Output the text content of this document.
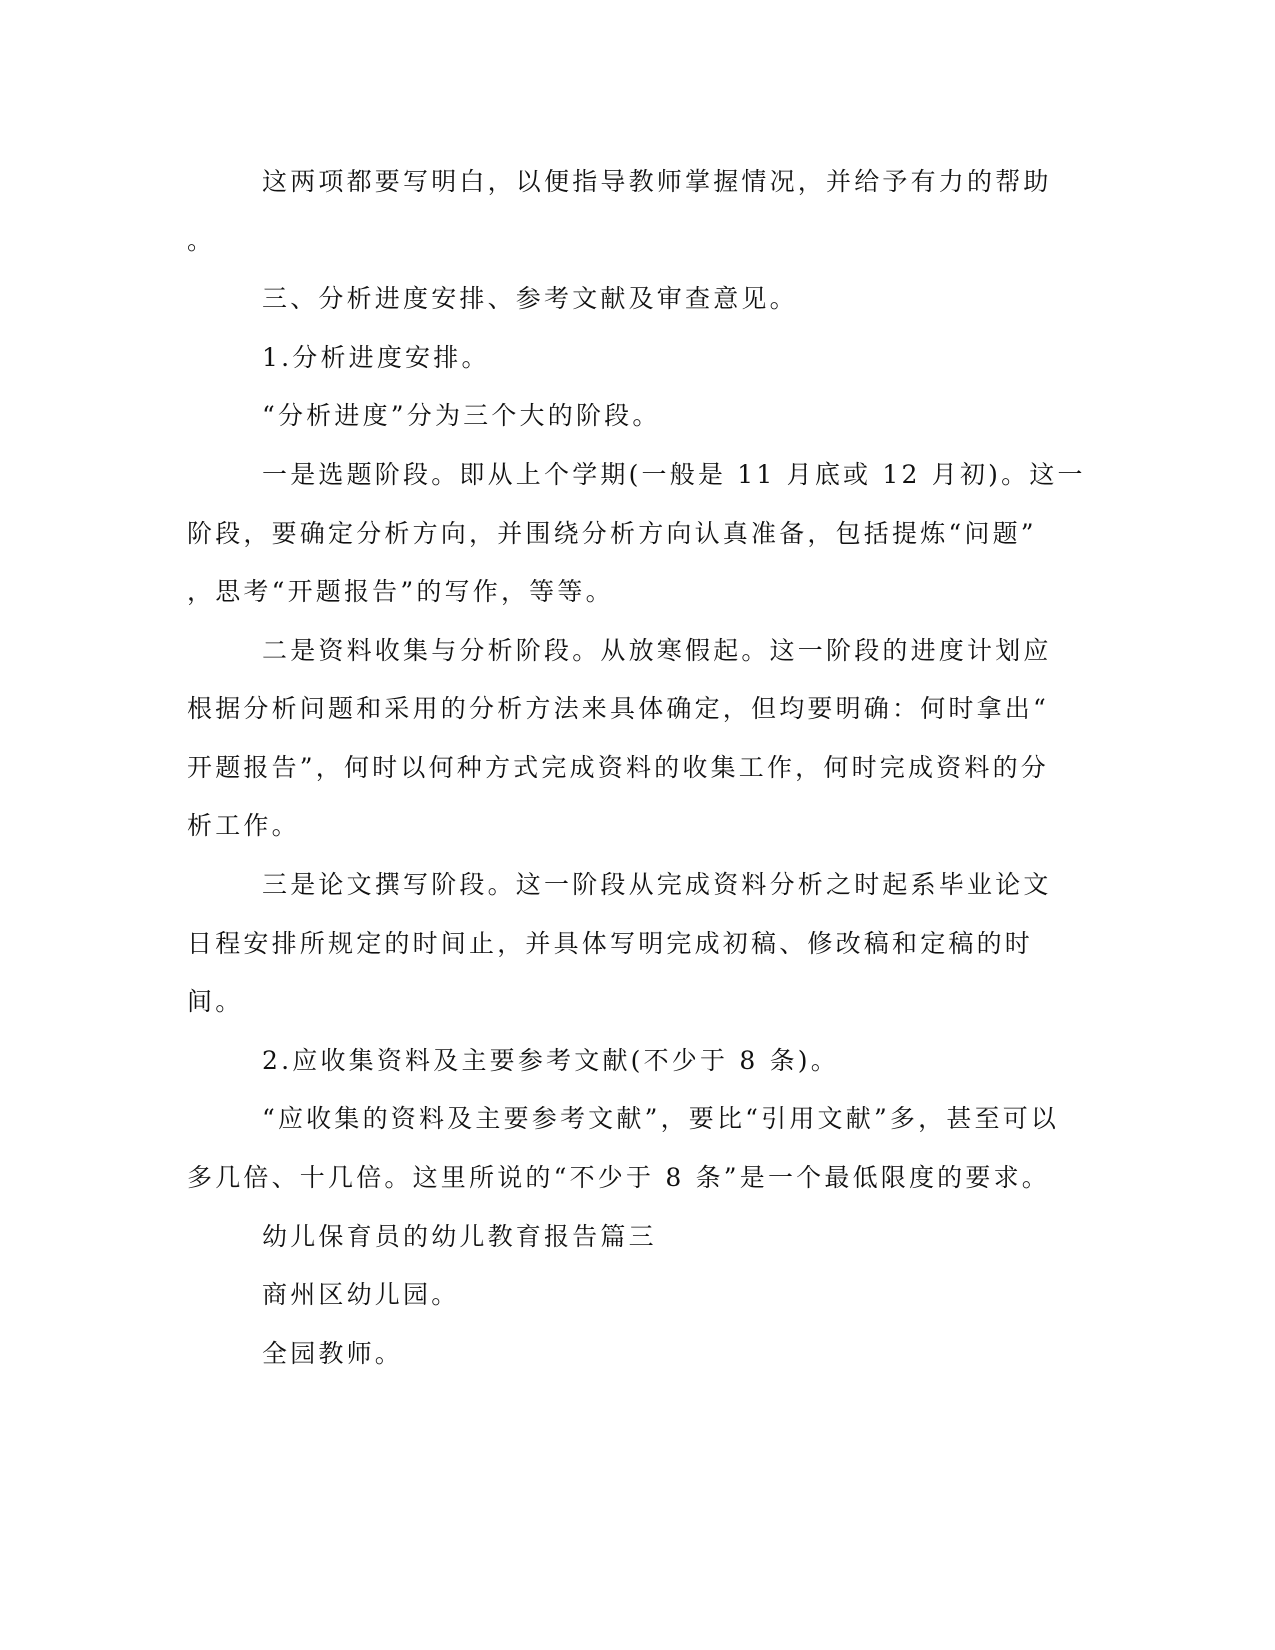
这两项都要写明白，以便指导教师掌握情况，并给予有力的帮助

。

三、分析进度安排、参考文献及审查意见。

1.分析进度安排。

“分析进度”分为三个大的阶段。

一是选题阶段。即从上个学期(一般是 11 月底或 12 月初)。这一

阶段，要确定分析方向，并围绕分析方向认真准备，包括提炼“问题”

，思考“开题报告”的写作，等等。

二是资料收集与分析阶段。从放寒假起。这一阶段的进度计划应

根据分析问题和采用的分析方法来具体确定，但均要明确：何时拿出“

开题报告”，何时以何种方式完成资料的收集工作，何时完成资料的分

析工作。

三是论文撰写阶段。这一阶段从完成资料分析之时起系毕业论文

日程安排所规定的时间止，并具体写明完成初稿、修改稿和定稿的时

间。

2.应收集资料及主要参考文献(不少于 8 条)。

“应收集的资料及主要参考文献”，要比“引用文献”多，甚至可以

多几倍、十几倍。这里所说的“不少于 8 条”是一个最低限度的要求。

幼儿保育员的幼儿教育报告篇三

商州区幼儿园。

全园教师。
